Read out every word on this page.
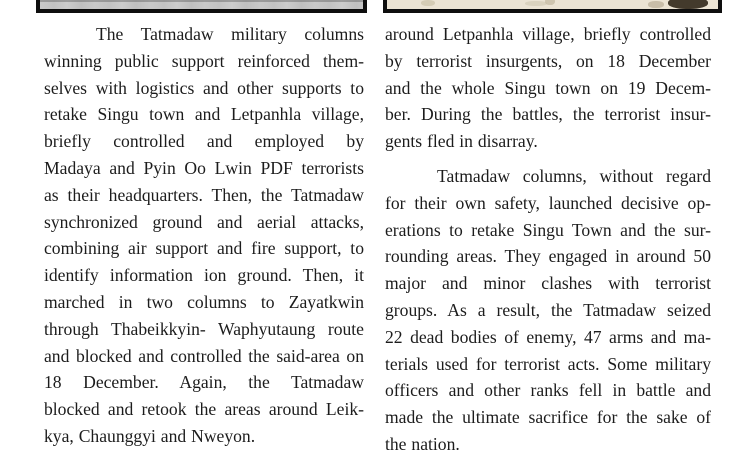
The Tatmadaw military columns
winning public support reinforced them-
selves with logistics and other supports to
retake Singu town and Letpanhla village,
briefly controlled and employed by
Madaya and Pyin Oo Lwin PDF terrorists
as their headquarters. Then, the Tatmadaw
synchronized ground and aerial attacks,
combining air support and fire support, to
identify information ion ground. Then, it
marched in two columns to Zayatkwin
through Thabeikkyin- Waphyutaung route
and blocked and controlled the said-area on
18 December. Again, the Tatmadaw
blocked and retook the areas around Leik-
kya, Chaunggyi and Nweyon.
around Letpanhla village, briefly controlled
by terrorist insurgents, on 18 December
and the whole Singu town on 19 Decem-
ber. During the battles, the terrorist insur-
gents fled in disarray.
Tatmadaw columns, without regard
for their own safety, launched decisive op-
erations to retake Singu Town and the sur-
rounding areas. They engaged in around 50
major and minor clashes with terrorist
groups. As a result, the Tatmadaw seized
22 dead bodies of enemy, 47 arms and ma-
terials used for terrorist acts. Some military
officers and other ranks fell in battle and
made the ultimate sacrifice for the sake of
the nation.
